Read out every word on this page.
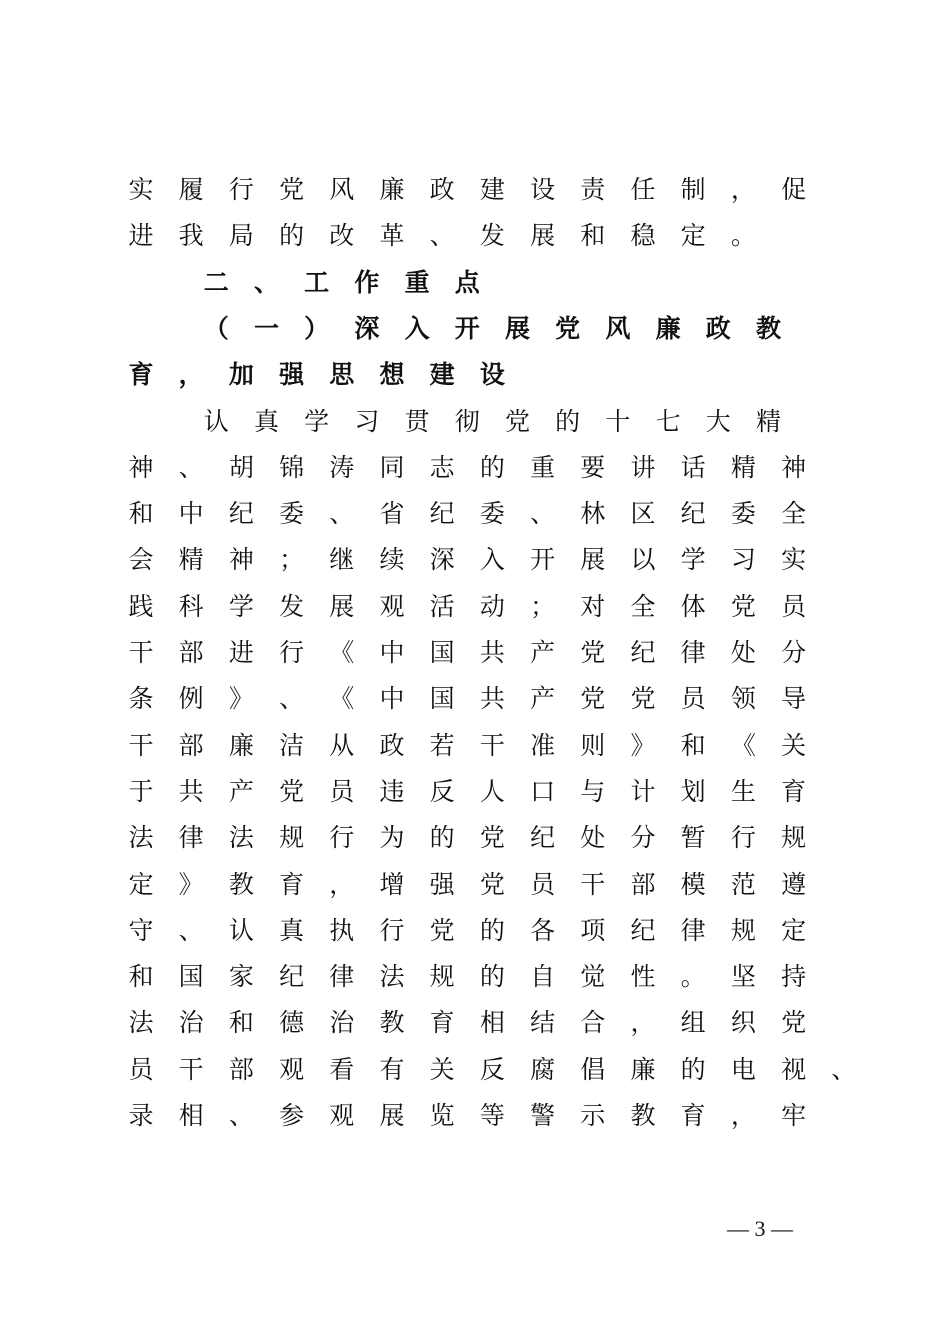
实 履 行 党 风 廉 政 建 设 责 任 制 ， 促
进 我 局 的 改 革 、 发 展 和 稳 定 。
二 、 工 作 重 点
（ 一 ） 深 入 开 展 党 风 廉 政 教
育 ， 加 强 思 想 建 设
认 真 学 习 贯 彻 党 的 十 七 大 精
神 、 胡 锦 涛 同 志 的 重 要 讲 话 精 神
和 中 纪 委 、 省 纪 委 、 林 区 纪 委 全
会 精 神 ； 继 续 深 入 开 展 以 学 习 实
践 科 学 发 展 观 活 动 ； 对 全 体 党 员
干 部 进 行 《 中 国 共 产 党 纪 律 处 分
条 例 》 、 《 中 国 共 产 党 党 员 领 导
干 部 廉 洁 从 政 若 干 准 则 》 和 《 关
于 共 产 党 员 违 反 人 口 与 计 划 生 育
法 律 法 规 行 为 的 党 纪 处 分 暂 行 规
定 》 教 育 ， 增 强 党 员 干 部 模 范 遵
守 、 认 真 执 行 党 的 各 项 纪 律 规 定
和 国 家 纪 律 法 规 的 自 觉 性 。 坚 持
法 治 和 德 治 教 育 相 结 合 ， 组 织 党
员 干 部 观 看 有 关 反 腐 倡 廉 的 电 视 、
录 相 、 参 观 展 览 等 警 示 教 育 ， 牢
— 3 —
